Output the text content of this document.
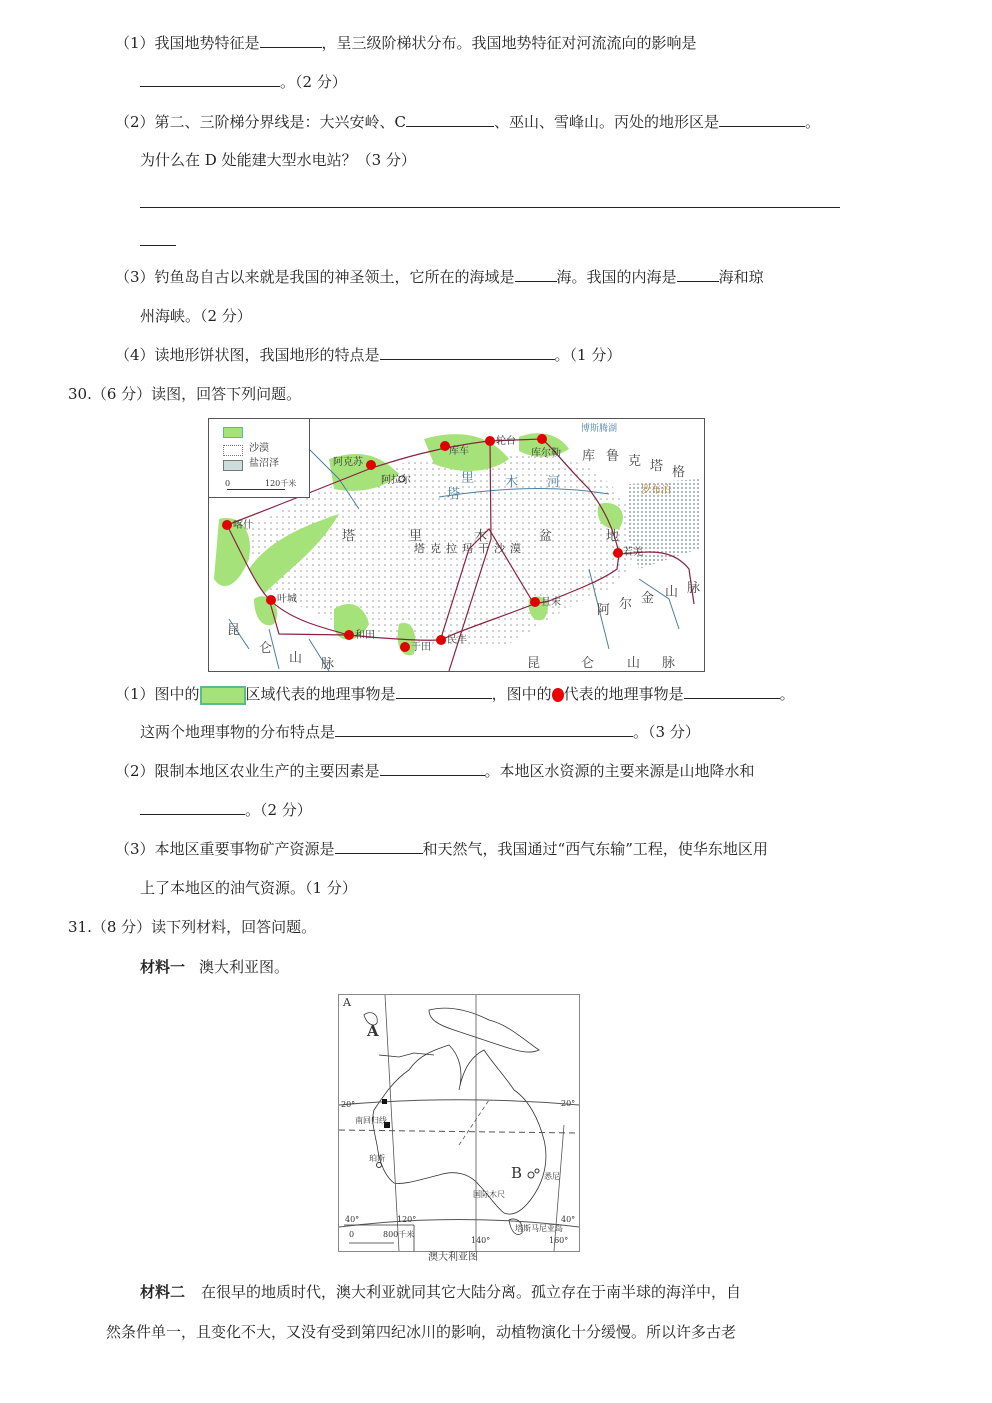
（1）我国地势特征是	，呈三级阶梯状分布。我国地势特征对河流流向的影响是
。（2 分）
（2）第二、三阶梯分界线是：大兴安岭、C	、巫山、雪峰山。丙处的地形区是	。
为什么在 D 处能建大型水电站？（3 分）
（3）钓鱼岛自古以来就是我国的神圣领土，它所在的海域是	海。我国的内海是	海和琼
州海峡。（2 分）
（4）读地形饼状图，我国地形的特点是	。（1 分）
30.（6 分）读图，回答下列问题。
沙漠
盐沼泽
0	120千米
阿克苏
阿拉尔
库车
轮台
库尔勒
喀什
叶城
和田
于田
民丰
且末
若羌
博斯腾湖
库 鲁 克 塔 格
罗布泊
塔
里 木 河
塔	里	木	盆	地
塔克拉玛干沙漠
阿 尔 金 山 脉
昆
仑
山 脉	昆	仑	山 脉
（1）图中的	区域代表的地理事物是	，图中的 代表的地理事物是	。
这两个地理事物的分布特点是	。（3 分）
（2）限制本地区农业生产的主要因素是	。本地区水资源的主要来源是山地降水和
。（2 分）
（3）本地区重要事物矿产资源是	和天然气，我国通过“西气东输”工程，使华东地区用
上了本地区的油气资源。（1 分）
31.（8 分）读下列材料，回答问题。
材料一 澳大利亚图。
A
A
B
20°	20°
南回归线
珀斯
悉尼
国际木尺
塔斯马尼亚岛
40°	40°
120°
140°	160°
0	800千米
澳大利亚图
材料二 在很早的地质时代，澳大利亚就同其它大陆分离。孤立存在于南半球的海洋中，自
然条件单一，且变化不大，又没有受到第四纪冰川的影响，动植物演化十分缓慢。所以许多古老
